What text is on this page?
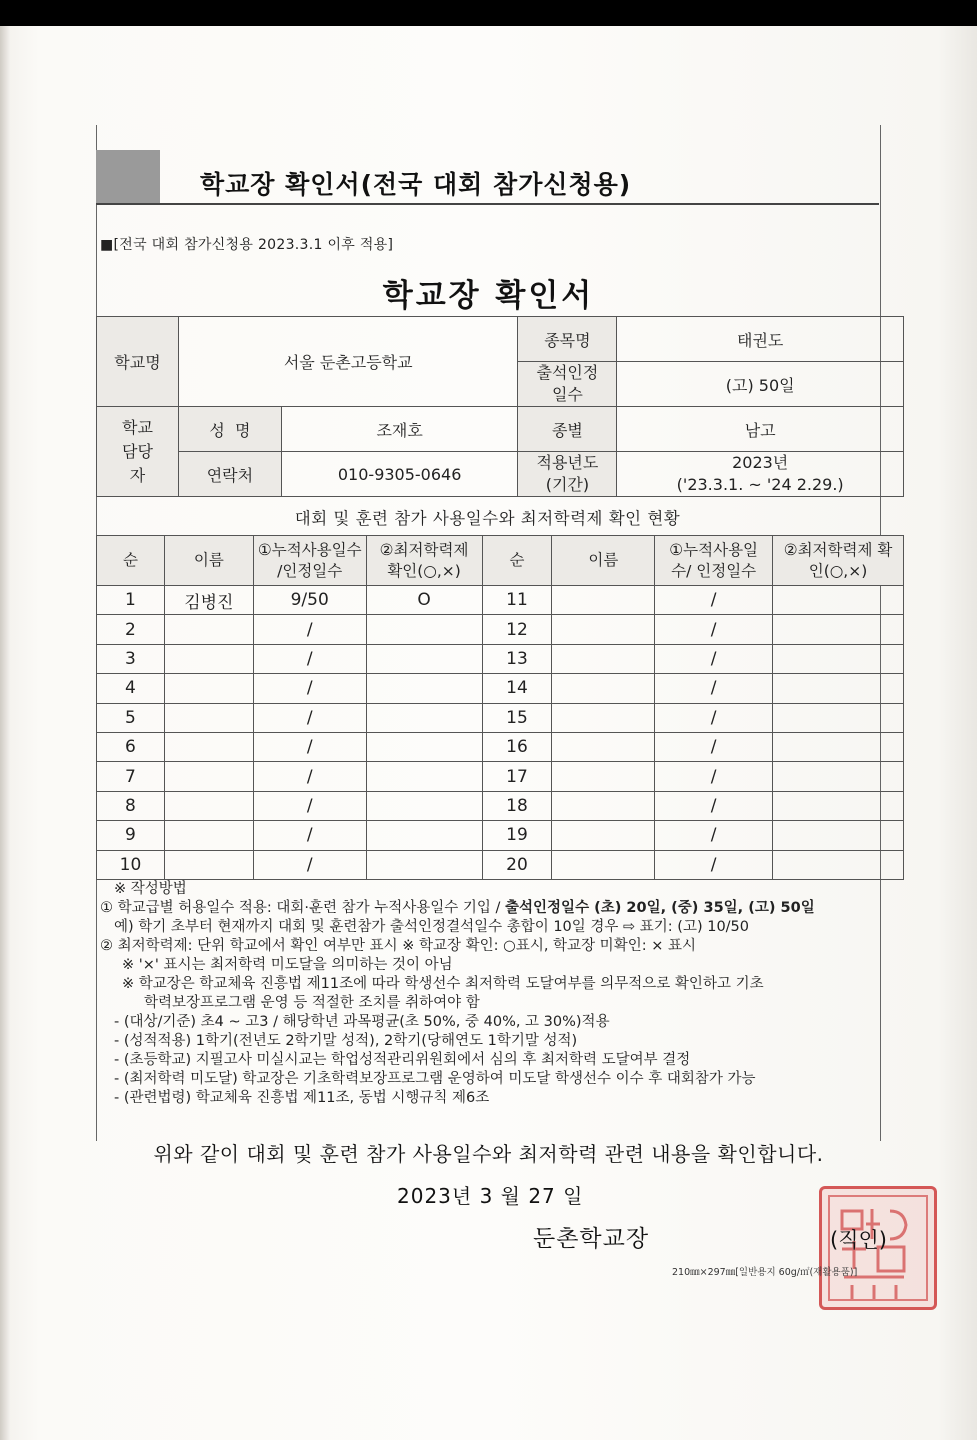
학교장 확인서(전국 대회 참가신청용)
■[전국 대회 참가신청용 2023.3.1 이후 적용]
학교장 확인서
학교명	서울 둔촌고등학교		종목명	태권도
			출석인정 일수	(고) 50일
학교 담당자	성  명	조재호	종별	남고
	연락처	010-9305-0646	적용년도 (기간)	2023년
('23.3.1. ~ '24 2.29.)
대회 및 훈련 참가 사용일수와 최저학력제 확인 현황
순	이름	①누적사용일수 /인정일수	②최저학력제 확인(○,×)	순	이름	①누적사용일수/ 인정일수	②최저학력제 확인(○,×)
1	김병진	9/50	O	11		/	
2		/		12		/	
3		/		13		/	
4		/		14		/	
5		/		15		/	
6		/		16		/	
7		/		17		/	
8		/		18		/	
9		/		19		/	
10		/		20		/	
※ 작성방법
① 학교급별 허용일수 적용: 대회·훈련 참가 누적사용일수 기입 / 출석인정일수 (초) 20일, (중) 35일, (고) 50일
예) 학기 초부터 현재까지 대회 및 훈련참가 출석인정결석일수 총합이 10일 경우 ⇨ 표기: (고) 10/50
② 최저학력제: 단위 학교에서 확인 여부만 표시 ※ 학교장 확인: ○표시, 학교장 미확인: × 표시
※ '×' 표시는 최저학력 미도달을 의미하는 것이 아님
※ 학교장은 학교체육 진흥법 제11조에 따라 학생선수 최저학력 도달여부를 의무적으로 확인하고 기초
학력보장프로그램 운영 등 적절한 조치를 취하여야 함
- (대상/기준) 초4 ~ 고3 / 해당학년 과목평균(초 50%, 중 40%, 고 30%)적용
- (성적적용) 1학기(전년도 2학기말 성적), 2학기(당해연도 1학기말 성적)
- (초등학교) 지필고사 미실시교는 학업성적관리위원회에서 심의 후 최저학력 도달여부 결정
- (최저학력 미도달) 학교장은 기초학력보장프로그램 운영하여 미도달 학생선수 이수 후 대회참가 가능
- (관련법령) 학교체육 진흥법 제11조, 동법 시행규칙 제6조
위와 같이 대회 및 훈련 참가 사용일수와 최저학력 관련 내용을 확인합니다.
2023년 3 월 27 일
둔촌학교장	(직인)
210㎜×297㎜[일반용지 60g/㎡(재활용품)]
